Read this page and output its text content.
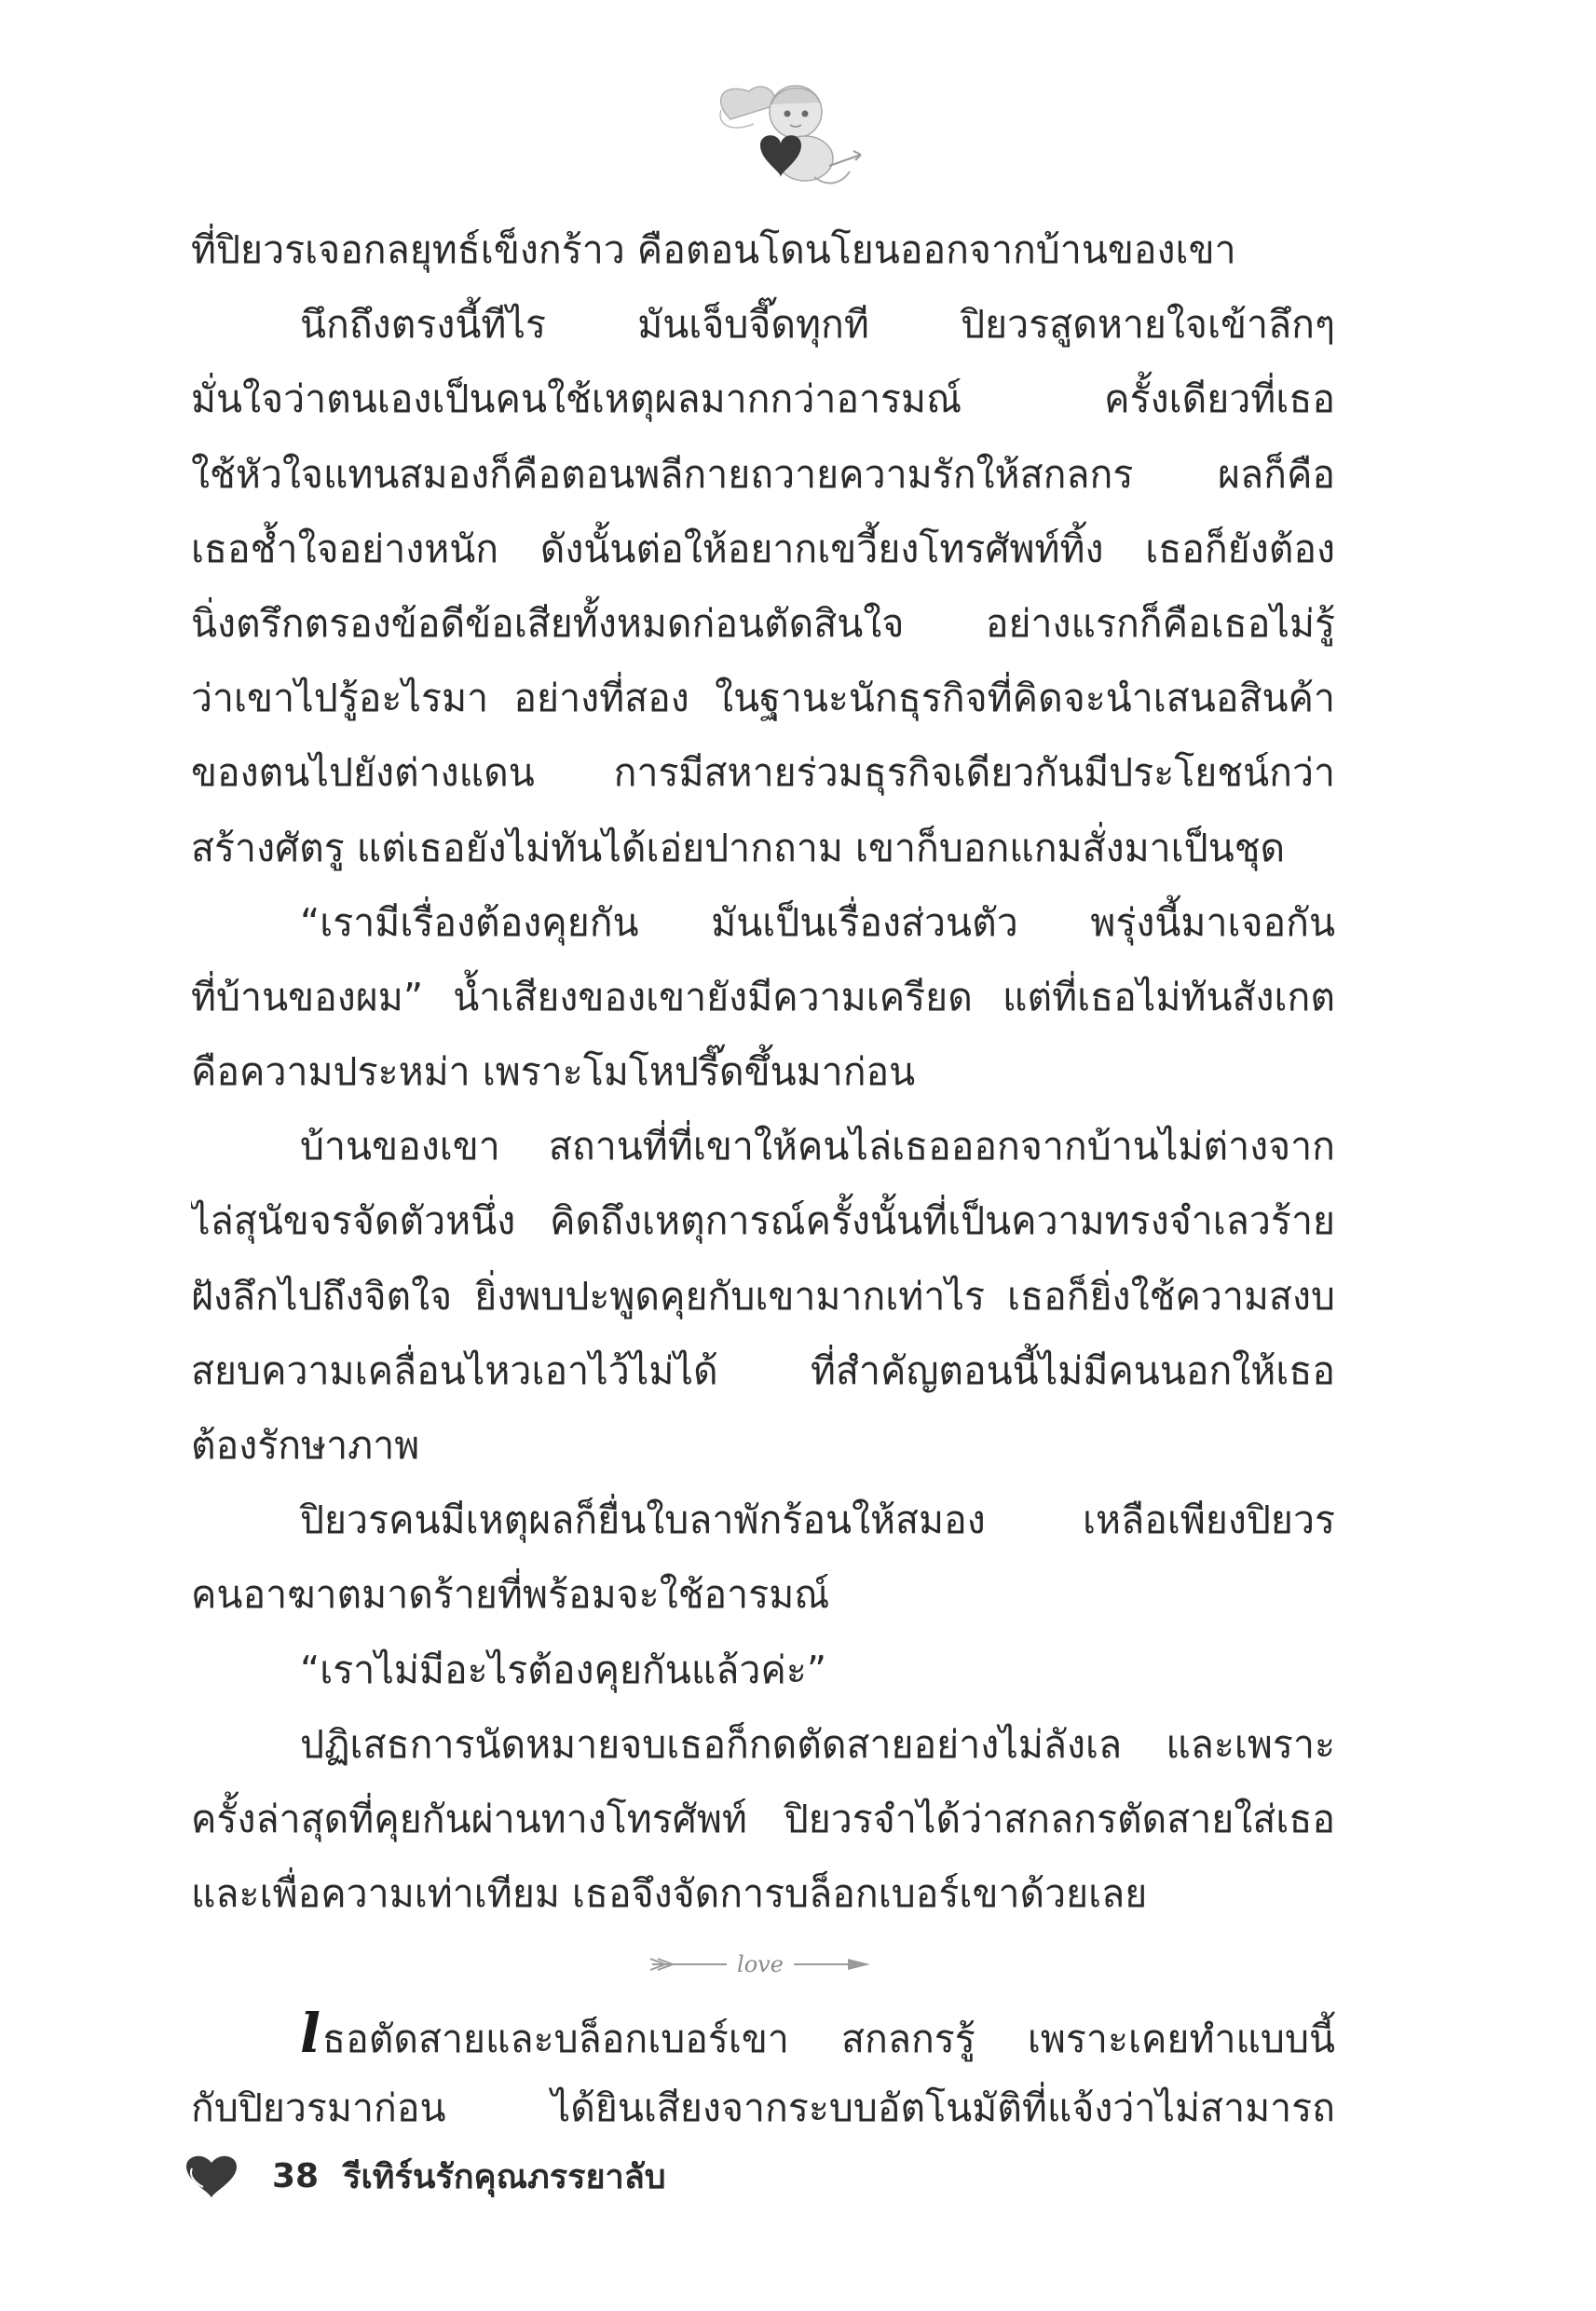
ที่ปิยวรเจอกลยุทธ์เข็งกร้าว คือตอนโดนโยนออกจากบ้านของเขา
นึกถึงตรงนี้ทีไร มันเจ็บจี๊ดทุกที ปิยวรสูดหายใจเข้าลึกๆ
มั่นใจว่าตนเองเป็นคนใช้เหตุผลมากกว่าอารมณ์ ครั้งเดียวที่เธอ
ใช้หัวใจแทนสมองก็คือตอนพลีกายถวายความรักให้สกลกร ผลก็คือ
เธอช้ำใจอย่างหนัก ดังนั้นต่อให้อยากเขวี้ยงโทรศัพท์ทิ้ง เธอก็ยังต้อง
นิ่งตรึกตรองข้อดีข้อเสียทั้งหมดก่อนตัดสินใจ อย่างแรกก็คือเธอไม่รู้
ว่าเขาไปรู้อะไรมา อย่างที่สอง ในฐานะนักธุรกิจที่คิดจะนำเสนอสินค้า
ของตนไปยังต่างแดน การมีสหายร่วมธุรกิจเดียวกันมีประโยชน์กว่า
สร้างศัตรู แต่เธอยังไม่ทันได้เอ่ยปากถาม เขาก็บอกแกมสั่งมาเป็นชุด
“เรามีเรื่องต้องคุยกัน มันเป็นเรื่องส่วนตัว พรุ่งนี้มาเจอกัน
ที่บ้านของผม” น้ำเสียงของเขายังมีความเครียด แต่ที่เธอไม่ทันสังเกต
คือความประหม่า เพราะโมโหปรี๊ดขึ้นมาก่อน
บ้านของเขา สถานที่ที่เขาให้คนไล่เธอออกจากบ้านไม่ต่างจาก
ไล่สุนัขจรจัดตัวหนึ่ง คิดถึงเหตุการณ์ครั้งนั้นที่เป็นความทรงจำเลวร้าย
ฝังลึกไปถึงจิตใจ ยิ่งพบปะพูดคุยกับเขามากเท่าไร เธอก็ยิ่งใช้ความสงบ
สยบความเคลื่อนไหวเอาไว้ไม่ได้ ที่สำคัญตอนนี้ไม่มีคนนอกให้เธอ
ต้องรักษาภาพ
ปิยวรคนมีเหตุผลก็ยื่นใบลาพักร้อนให้สมอง เหลือเพียงปิยวร
คนอาฆาตมาดร้ายที่พร้อมจะใช้อารมณ์
“เราไม่มีอะไรต้องคุยกันแล้วค่ะ”
ปฏิเสธการนัดหมายจบเธอก็กดตัดสายอย่างไม่ลังเล และเพราะ
ครั้งล่าสุดที่คุยกันผ่านทางโทรศัพท์ ปิยวรจำได้ว่าสกลกรตัดสายใส่เธอ
และเพื่อความเท่าเทียม เธอจึงจัดการบล็อกเบอร์เขาด้วยเลย
love
lธอตัดสายและบล็อกเบอร์เขา สกลกรรู้ เพราะเคยทำแบบนี้
กับปิยวรมาก่อน ได้ยินเสียงจากระบบอัตโนมัติที่แจ้งว่าไม่สามารถ
38 รีเทิร์นรักคุณภรรยาลับ
